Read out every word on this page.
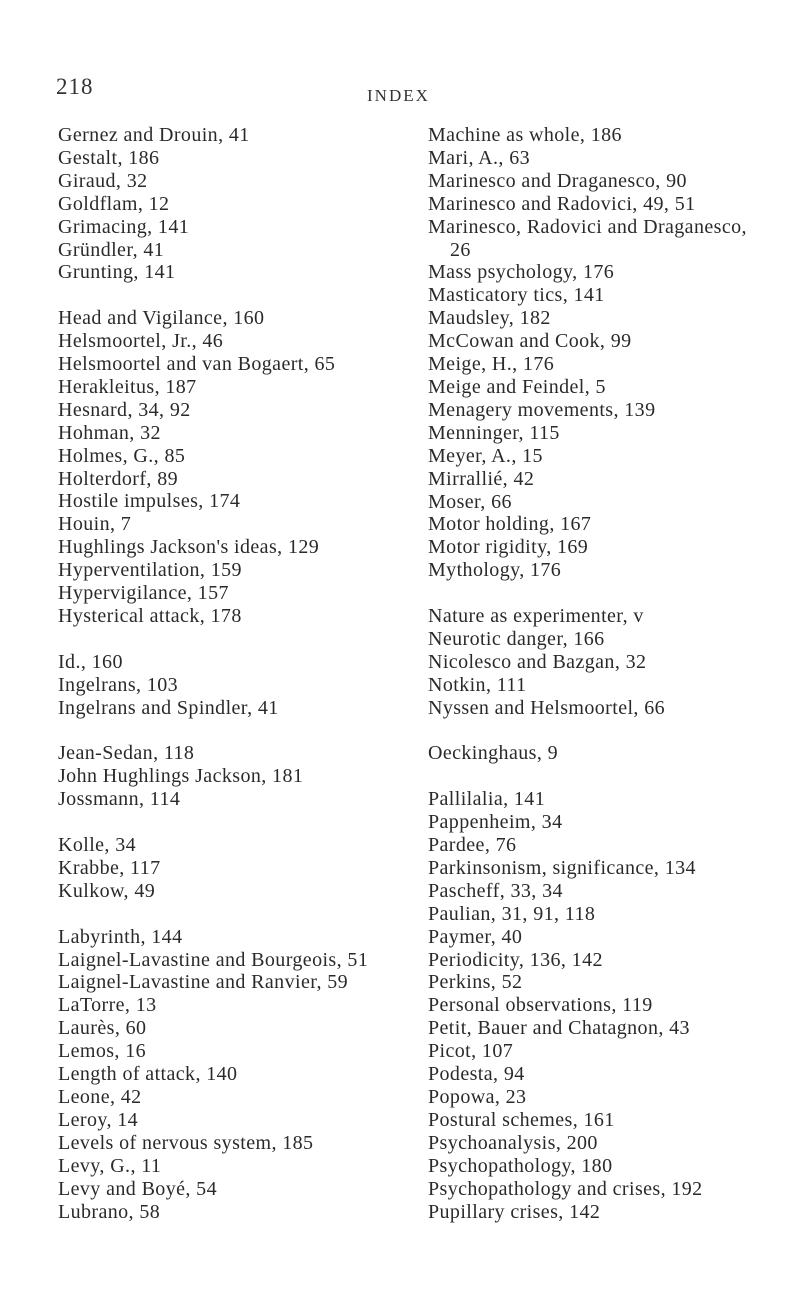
218	INDEX
Gernez and Drouin, 41
Gestalt, 186
Giraud, 32
Goldflam, 12
Grimacing, 141
Gründler, 41
Grunting, 141
Head and Vigilance, 160
Helsmoortel, Jr., 46
Helsmoortel and van Bogaert, 65
Herakleitus, 187
Hesnard, 34, 92
Hohman, 32
Holmes, G., 85
Holterdorf, 89
Hostile impulses, 174
Houin, 7
Hughlings Jackson's ideas, 129
Hyperventilation, 159
Hypervigilance, 157
Hysterical attack, 178
Id., 160
Ingelrans, 103
Ingelrans and Spindler, 41
Jean-Sedan, 118
John Hughlings Jackson, 181
Jossmann, 114
Kolle, 34
Krabbe, 117
Kulkow, 49
Labyrinth, 144
Laignel-Lavastine and Bourgeois, 51
Laignel-Lavastine and Ranvier, 59
LaTorre, 13
Laurès, 60
Lemos, 16
Length of attack, 140
Leone, 42
Leroy, 14
Levels of nervous system, 185
Levy, G., 11
Levy and Boyé, 54
Lubrano, 58
Machine as whole, 186
Mari, A., 63
Marinesco and Draganesco, 90
Marinesco and Radovici, 49, 51
Marinesco, Radovici and Draganesco,
26
Mass psychology, 176
Masticatory tics, 141
Maudsley, 182
McCowan and Cook, 99
Meige, H., 176
Meige and Feindel, 5
Menagery movements, 139
Menninger, 115
Meyer, A., 15
Mirrallié, 42
Moser, 66
Motor holding, 167
Motor rigidity, 169
Mythology, 176
Nature as experimenter, v
Neurotic danger, 166
Nicolesco and Bazgan, 32
Notkin, 111
Nyssen and Helsmoortel, 66
Oeckinghaus, 9
Pallilalia, 141
Pappenheim, 34
Pardee, 76
Parkinsonism, significance, 134
Pascheff, 33, 34
Paulian, 31, 91, 118
Paymer, 40
Periodicity, 136, 142
Perkins, 52
Personal observations, 119
Petit, Bauer and Chatagnon, 43
Picot, 107
Podesta, 94
Popowa, 23
Postural schemes, 161
Psychoanalysis, 200
Psychopathology, 180
Psychopathology and crises, 192
Pupillary crises, 142
